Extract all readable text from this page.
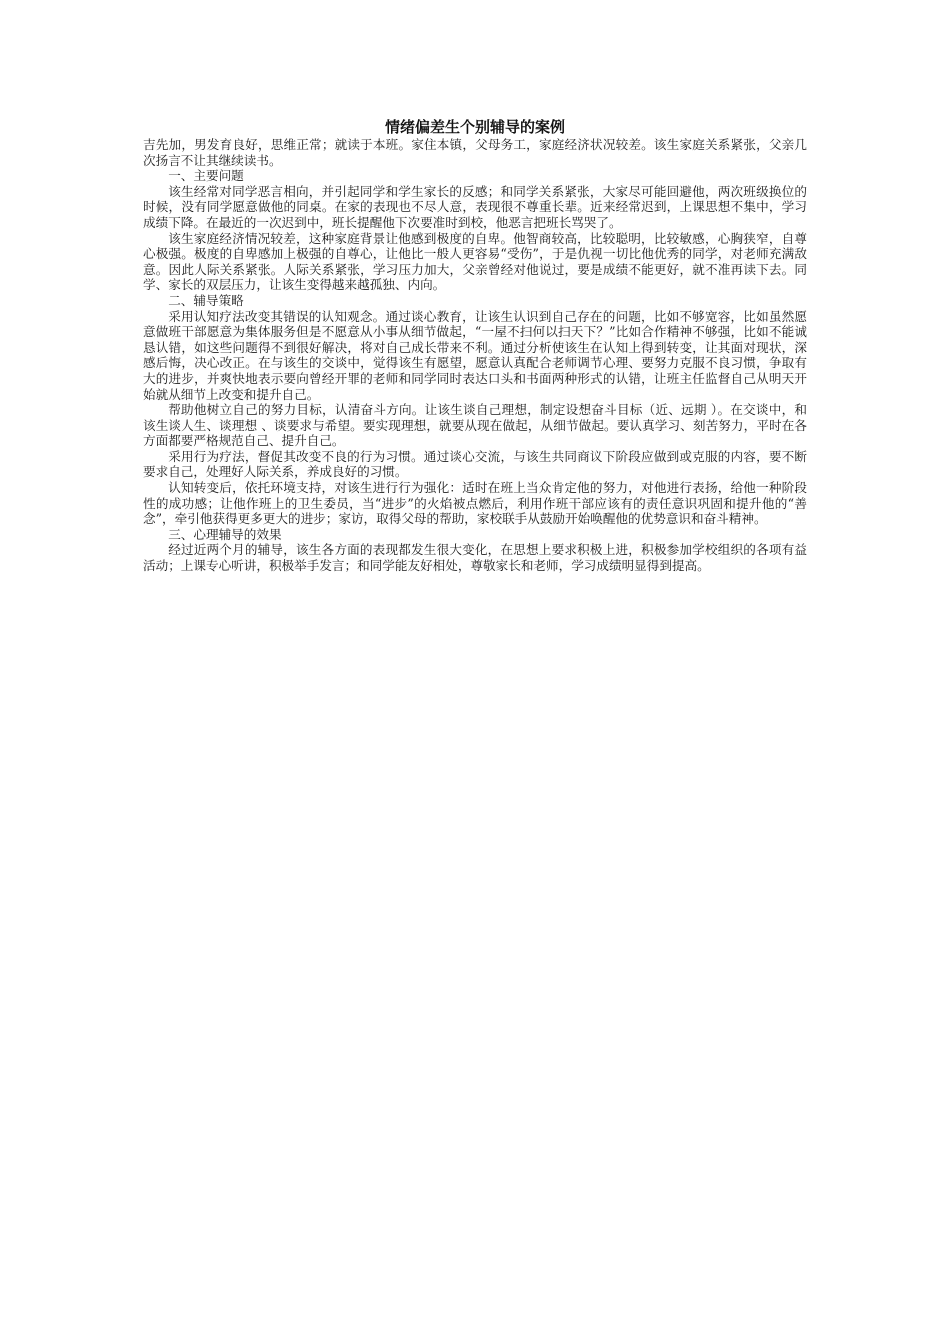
情绪偏差生个别辅导的案例

吉先加，男发育良好，思维正常；就读于本班。家住本镇，父母务工，家庭经济状况较差。该生家庭关系紧张，父亲几次扬言不让其继续读书。

一、主要问题

该生经常对同学恶言相向，并引起同学和学生家长的反感；和同学关系紧张，大家尽可能回避他，两次班级换位的时候，没有同学愿意做他的同桌。在家的表现也不尽人意，表现很不尊重长辈。近来经常迟到，上课思想不集中，学习成绩下降。在最近的一次迟到中，班长提醒他下次要准时到校，他恶言把班长骂哭了。

该生家庭经济情况较差，这种家庭背景让他感到极度的自卑。他智商较高，比较聪明，比较敏感，心胸狭窄，自尊心极强。极度的自卑感加上极强的自尊心，让他比一般人更容易“受伤”，于是仇视一切比他优秀的同学，对老师充满敌意。因此人际关系紧张。人际关系紧张，学习压力加大，父亲曾经对他说过，要是成绩不能更好，就不准再读下去。同学、家长的双层压力，让该生变得越来越孤独、内向。

二、辅导策略

采用认知疗法改变其错误的认知观念。通过谈心教育，让该生认识到自己存在的问题，比如不够宽容，比如虽然愿意做班干部愿意为集体服务但是不愿意从小事从细节做起，“一屋不扫何以扫天下？”比如合作精神不够强，比如不能诚恳认错，如这些问题得不到很好解决，将对自己成长带来不利。通过分析使该生在认知上得到转变，让其面对现状，深感后悔，决心改正。在与该生的交谈中，觉得该生有愿望，愿意认真配合老师调节心理、要努力克服不良习惯，争取有大的进步，并爽快地表示要向曾经开罪的老师和同学同时表达口头和书面两种形式的认错，让班主任监督自己从明天开始就从细节上改变和提升自己。

帮助他树立自己的努力目标，认清奋斗方向。让该生谈自己理想，制定设想奋斗目标（近、远期 ）。在交谈中，和该生谈人生、谈理想 、谈要求与希望。要实现理想，就要从现在做起，从细节做起。要认真学习、刻苦努力，平时在各方面都要严格规范自己、提升自己。

采用行为疗法，督促其改变不良的行为习惯。通过谈心交流，与该生共同商议下阶段应做到或克服的内容，要不断要求自己，处理好人际关系，养成良好的习惯。

认知转变后，依托环境支持，对该生进行行为强化：适时在班上当众肯定他的努力，对他进行表扬，给他一种阶段性的成功感；让他作班上的卫生委员，当“进步”的火焰被点燃后，利用作班干部应该有的责任意识巩固和提升他的“善念”，牵引他获得更多更大的进步；家访，取得父母的帮助，家校联手从鼓励开始唤醒他的优势意识和奋斗精神。

三、心理辅导的效果

经过近两个月的辅导，该生各方面的表现都发生很大变化，在思想上要求积极上进，积极参加学校组织的各项有益活动；上课专心听讲，积极举手发言；和同学能友好相处，尊敬家长和老师，学习成绩明显得到提高。
